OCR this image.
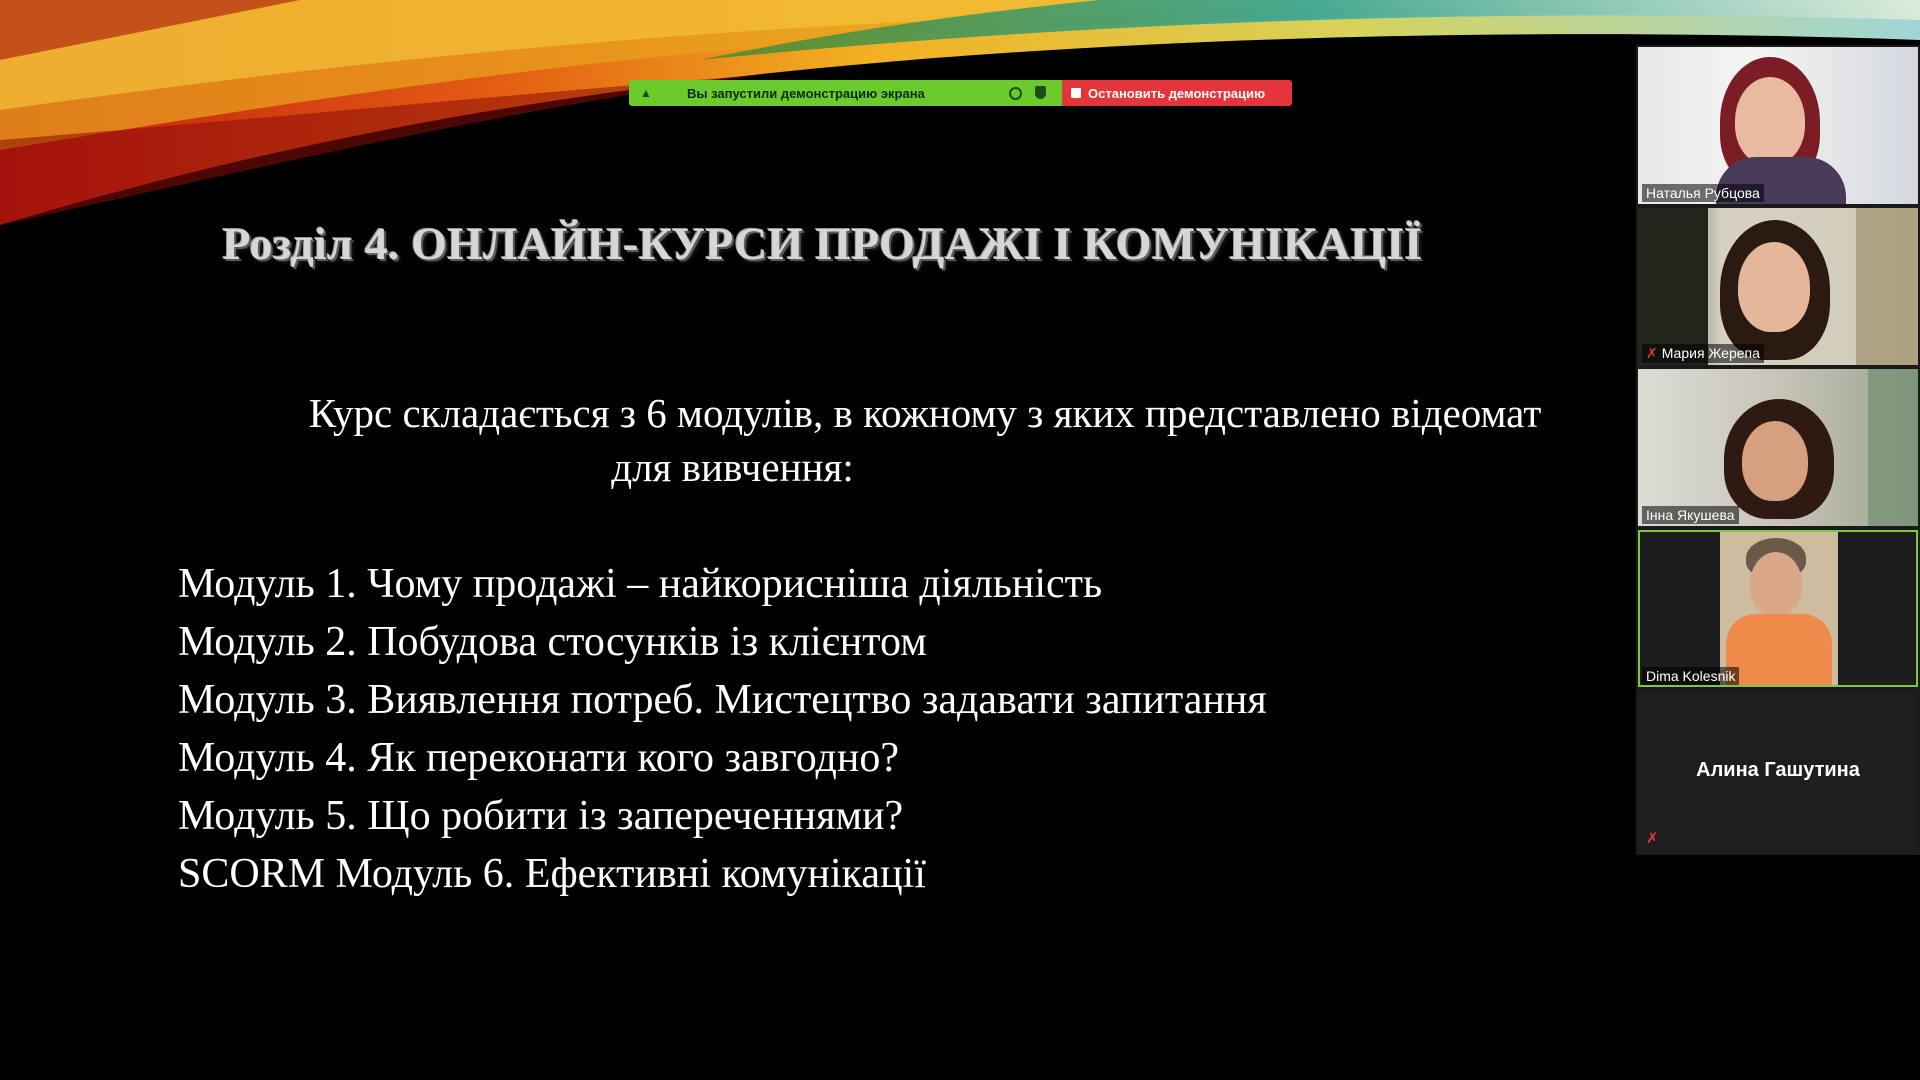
▲	Вы запустили демонстрацию экрана	Остановить демонстрацию
Розділ 4. ОНЛАЙН-КУРСИ ПРОДАЖІ І КОМУНІКАЦІЇ
Курс складається з 6 модулів, в кожному з яких представлено відеомат
для вивчення:
Модуль 1. Чому продажі – найкорисніша діяльність
Модуль 2. Побудова стосунків із клієнтом
Модуль 3. Виявлення потреб. Мистецтво задавати запитання
Модуль 4. Як переконати кого завгодно?
Модуль 5. Що робити із запереченнями?
SCORM Модуль 6. Ефективні комунікації
Наталья Рубцова
✗ Мария Жерепа
Інна Якушева
Dima Kolesnik
Алина Гашутина
✗
